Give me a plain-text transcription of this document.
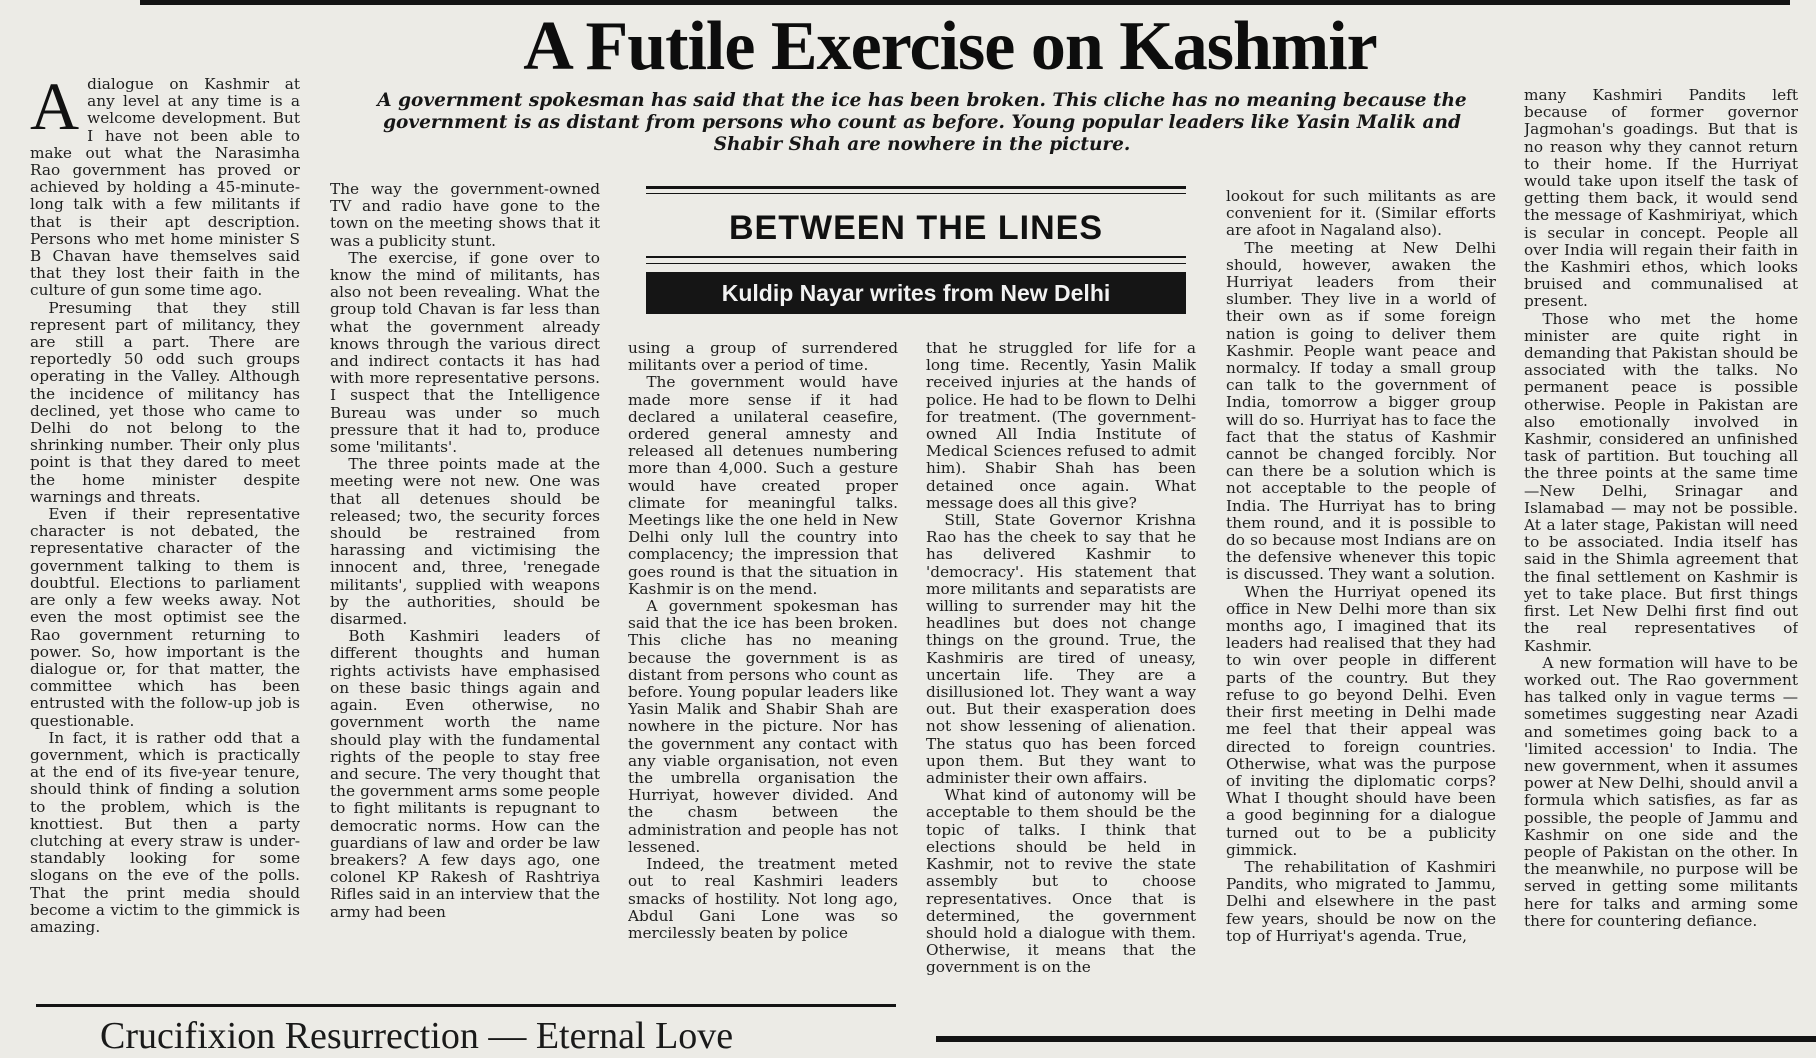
A Futile Exercise on Kashmir

A government spokesman has said that the ice has been broken. This cliche has no meaning because the government is as distant from persons who count as before. Young popular leaders like Yasin Malik and Shabir Shah are nowhere in the picture.

BETWEEN THE LINES
Kuldip Nayar writes from New Delhi

Adialogue on Kashmir at any level at any time is a welcome development. But I have not been able to make out what the Narasimha Rao government has proved or achieved by holding a 45-minute-long talk with a few militants if that is their apt description. Persons who met home minister S B Chavan have themselves said that they lost their faith in the culture of gun some time ago.

Presuming that they still represent part of militancy, they are still a part. There are reportedly 50 odd such groups operating in the Valley. Although the incidence of militancy has declined, yet those who came to Delhi do not belong to the shrinking number. Their only plus point is that they dared to meet the home minister despite warnings and threats.

Even if their representative character is not debated, the representative character of the government talking to them is doubtful. Elections to parliament are only a few weeks away. Not even the most optimist see the Rao government returning to power. So, how important is the dialogue or, for that matter, the committee which has been entrusted with the follow-up job is questionable.

In fact, it is rather odd that a government, which is practically at the end of its five-year tenure, should think of finding a solution to the problem, which is the knottiest. But then a party clutching at every straw is under-standably looking for some slogans on the eve of the polls. That the print media should become a victim to the gimmick is amazing.

The way the government-owned TV and radio have gone to the town on the meeting shows that it was a publicity stunt.

The exercise, if gone over to know the mind of militants, has also not been revealing. What the group told Chavan is far less than what the government already knows through the various direct and indirect contacts it has had with more representative persons. I suspect that the Intelligence Bureau was under so much pressure that it had to, produce some 'militants'.

The three points made at the meeting were not new. One was that all detenues should be released; two, the security forces should be restrained from harassing and victimising the innocent and, three, 'renegade militants', supplied with weapons by the authorities, should be disarmed.

Both Kashmiri leaders of different thoughts and human rights activists have emphasised on these basic things again and again. Even otherwise, no government worth the name should play with the fundamental rights of the people to stay free and secure. The very thought that the government arms some people to fight militants is repugnant to democratic norms. How can the guardians of law and order be law breakers? A few days ago, one colonel KP Rakesh of Rashtriya Rifles said in an interview that the army had been

using a group of surrendered militants over a period of time.

The government would have made more sense if it had declared a unilateral ceasefire, ordered general amnesty and released all detenues numbering more than 4,000. Such a gesture would have created proper climate for meaningful talks. Meetings like the one held in New Delhi only lull the country into complacency; the impression that goes round is that the situation in Kashmir is on the mend.

A government spokesman has said that the ice has been broken. This cliche has no meaning because the government is as distant from persons who count as before. Young popular leaders like Yasin Malik and Shabir Shah are nowhere in the picture. Nor has the government any contact with any viable organisation, not even the umbrella organisation the Hurriyat, however divided. And the chasm between the administration and people has not lessened.

Indeed, the treatment meted out to real Kashmiri leaders smacks of hostility. Not long ago, Abdul Gani Lone was so mercilessly beaten by police

that he struggled for life for a long time. Recently, Yasin Malik received injuries at the hands of police. He had to be flown to Delhi for treatment. (The government-owned All India Institute of Medical Sciences refused to admit him). Shabir Shah has been detained once again. What message does all this give?

Still, State Governor Krishna Rao has the cheek to say that he has delivered Kashmir to 'democracy'. His statement that more militants and separatists are willing to surrender may hit the headlines but does not change things on the ground. True, the Kashmiris are tired of uneasy, uncertain life. They are a disillusioned lot. They want a way out. But their exasperation does not show lessening of alienation. The status quo has been forced upon them. But they want to administer their own affairs.

What kind of autonomy will be acceptable to them should be the topic of talks. I think that elections should be held in Kashmir, not to revive the state assembly but to choose representatives. Once that is determined, the government should hold a dialogue with them. Otherwise, it means that the government is on the

lookout for such militants as are convenient for it. (Similar efforts are afoot in Nagaland also).

The meeting at New Delhi should, however, awaken the Hurriyat leaders from their slumber. They live in a world of their own as if some foreign nation is going to deliver them Kashmir. People want peace and normalcy. If today a small group can talk to the government of India, tomorrow a bigger group will do so. Hurriyat has to face the fact that the status of Kashmir cannot be changed forcibly. Nor can there be a solution which is not acceptable to the people of India. The Hurriyat has to bring them round, and it is possible to do so because most Indians are on the defensive whenever this topic is discussed. They want a solution.

When the Hurriyat opened its office in New Delhi more than six months ago, I imagined that its leaders had realised that they had to win over people in different parts of the country. But they refuse to go beyond Delhi. Even their first meeting in Delhi made me feel that their appeal was directed to foreign countries. Otherwise, what was the purpose of inviting the diplomatic corps? What I thought should have been a good beginning for a dialogue turned out to be a publicity gimmick.

The rehabilitation of Kashmiri Pandits, who migrated to Jammu, Delhi and elsewhere in the past few years, should be now on the top of Hurriyat's agenda. True,

many Kashmiri Pandits left because of former governor Jagmohan's goadings. But that is no reason why they cannot return to their home. If the Hurriyat would take upon itself the task of getting them back, it would send the message of Kashmiriyat, which is secular in concept. People all over India will regain their faith in the Kashmiri ethos, which looks bruised and communalised at present.

Those who met the home minister are quite right in demanding that Pakistan should be associated with the talks. No permanent peace is possible otherwise. People in Pakistan are also emotionally involved in Kashmir, considered an unfinished task of partition. But touching all the three points at the same time —New Delhi, Srinagar and Islamabad — may not be possible. At a later stage, Pakistan will need to be associated. India itself has said in the Shimla agreement that the final settlement on Kashmir is yet to take place. But first things first. Let New Delhi first find out the real representatives of Kashmir.

A new formation will have to be worked out. The Rao government has talked only in vague terms — sometimes suggesting near Azadi and sometimes going back to a 'limited accession' to India. The new government, when it assumes power at New Delhi, should anvil a formula which satisfies, as far as possible, the people of Jammu and Kashmir on one side and the people of Pakistan on the other. In the meanwhile, no purpose will be served in getting some militants here for talks and arming some there for countering defiance.

Crucifixion Resurrection — Eternal Love
